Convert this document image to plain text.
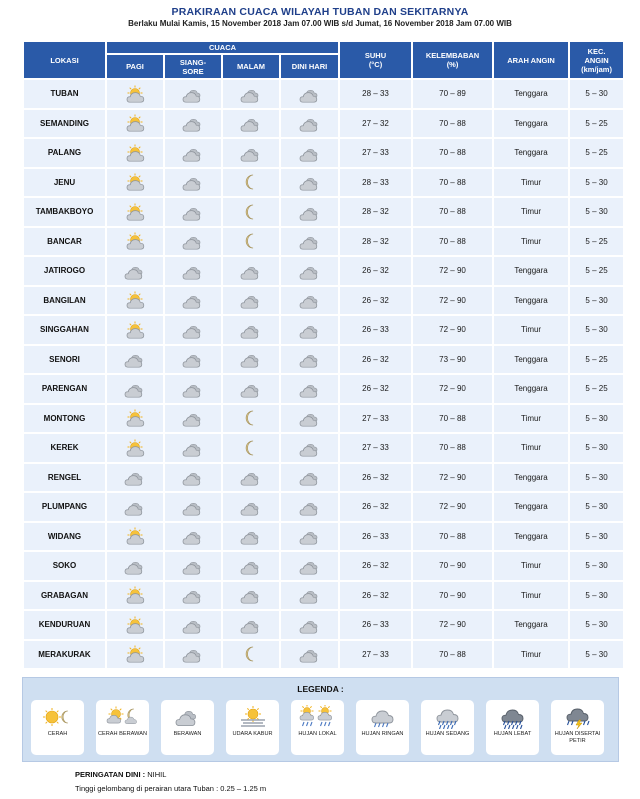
PRAKIRAAN CUACA WILAYAH TUBAN DAN SEKITARNYA
Berlaku Mulai Kamis, 15 November 2018 Jam 07.00 WIB s/d Jumat, 16 November 2018 Jam 07.00 WIB
LOKASI	CUACA				SUHU
(°C)	KELEMBABAN
(%)	ARAH ANGIN	KEC.
ANGIN
(km/jam)
	PAGI	SIANG-
SORE	MALAM	DINI HARI				
TUBAN					28 – 33	70 – 89	Tenggara	5 – 30
SEMANDING					27 – 32	70 – 88	Tenggara	5 – 25
PALANG					27 – 33	70 – 88	Tenggara	5 – 25
JENU					28 – 33	70 – 88	Timur	5 – 30
TAMBAKBOYO					28 – 32	70 – 88	Timur	5 – 30
BANCAR					28 – 32	70 – 88	Timur	5 – 25
JATIROGO					26 – 32	72 – 90	Tenggara	5 – 25
BANGILAN					26 – 32	72 – 90	Tenggara	5 – 30
SINGGAHAN					26 – 33	72 – 90	Timur	5 – 30
SENORI					26 – 32	73 – 90	Tenggara	5 – 25
PARENGAN					26 – 32	72 – 90	Tenggara	5 – 25
MONTONG					27 – 33	70 – 88	Timur	5 – 30
KEREK					27 – 33	70 – 88	Timur	5 – 30
RENGEL					26 – 32	72 – 90	Tenggara	5 – 30
PLUMPANG					26 – 32	72 – 90	Tenggara	5 – 30
WIDANG					26 – 33	70 – 88	Tenggara	5 – 30
SOKO					26 – 32	70 – 90	Timur	5 – 30
GRABAGAN					26 – 32	70 – 90	Timur	5 – 30
KENDURUAN					26 – 33	72 – 90	Tenggara	5 – 30
MERAKURAK					27 – 33	70 – 88	Timur	5 – 30
LEGENDA :
CERAH	CERAH BERAWAN	BERAWAN	UDARA KABUR	HUJAN LOKAL	HUJAN RINGAN	HUJAN SEDANG	HUJAN LEBAT	HUJAN DISERTAI PETIR
PERINGATAN DINI : NIHIL
Tinggi gelombang di perairan utara Tuban : 0.25 – 1.25 m
